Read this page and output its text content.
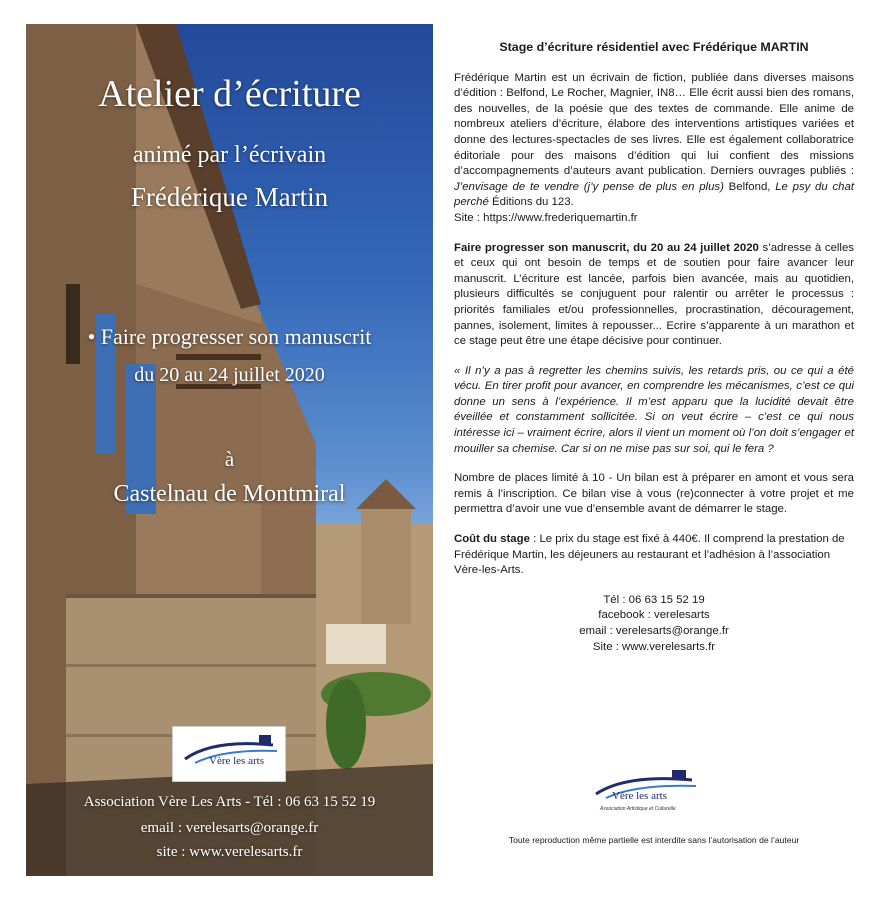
Atelier d’écriture
animé par l’écrivain
Frédérique Martin
• Faire progresser son manuscrit
du 20 au 24 juillet 2020
à
Castelnau de Montmiral
Vère les arts
Association Vère Les Arts - Tél : 06 63 15 52 19
email : verelesarts@orange.fr
site : www.verelesarts.fr
Stage d’écriture résidentiel avec Frédérique MARTIN

Frédérique Martin est un écrivain de fiction, publiée dans diverses maisons d’édition : Belfond, Le Rocher, Magnier, IN8… Elle écrit aussi bien des romans, des nouvelles, de la poésie que des textes de commande. Elle anime de nombreux ateliers d’écriture, élabore des interventions artistiques variées et donne des lectures-spectacles de ses livres. Elle est également collaboratrice éditoriale pour des maisons d’édition qui lui confient des missions d’accompagnements d’auteurs avant publication. Derniers ouvrages publiés : J’envisage de te vendre (j’y pense de plus en plus) Belfond, Le psy du chat perché Éditions du 123.
Site : https://www.frederiquemartin.fr

Faire progresser son manuscrit, du 20 au 24 juillet 2020 s’adresse à celles et ceux qui ont besoin de temps et de soutien pour faire avancer leur manuscrit. L’écriture est lancée, parfois bien avancée, mais au quotidien, plusieurs difficultés se conjuguent pour ralentir ou arrêter le processus : priorités familiales et/ou professionnelles, procrastination, découragement, pannes, isolement, limites à repousser... Ecrire s’apparente à un marathon et ce stage peut être une étape décisive pour continuer.

« Il n’y a pas à regretter les chemins suivis, les retards pris, ou ce qui a été vécu. En tirer profit pour avancer, en comprendre les mécanismes, c’est ce qui donne un sens à l’expérience. Il m’est apparu que la lucidité devait être éveillée et constamment sollicitée. Si on veut écrire – c’est ce qui nous intéresse ici – vraiment écrire, alors il vient un moment où l’on doit s’engager et mouiller sa chemise. Car si on ne mise pas sur soi, qui le fera ?

Nombre de places limité à 10 - Un bilan est à préparer en amont et vous sera remis à l’inscription. Ce bilan vise à vous (re)connecter à votre projet et me permettra d’avoir une vue d’ensemble avant de démarrer le stage.

Coût du stage : Le prix du stage est fixé à 440€. Il comprend la prestation de Frédérique Martin, les déjeuners au restaurant et l’adhésion à l’association Vère-les-Arts.

Tél : 06 63 15 52 19
facebook : verelesarts
email : verelesarts@orange.fr
Site : www.verelesarts.fr
Vère les arts
Association Artistique et Culturelle
Toute reproduction même partielle est interdite sans l’autorisation de l’auteur
